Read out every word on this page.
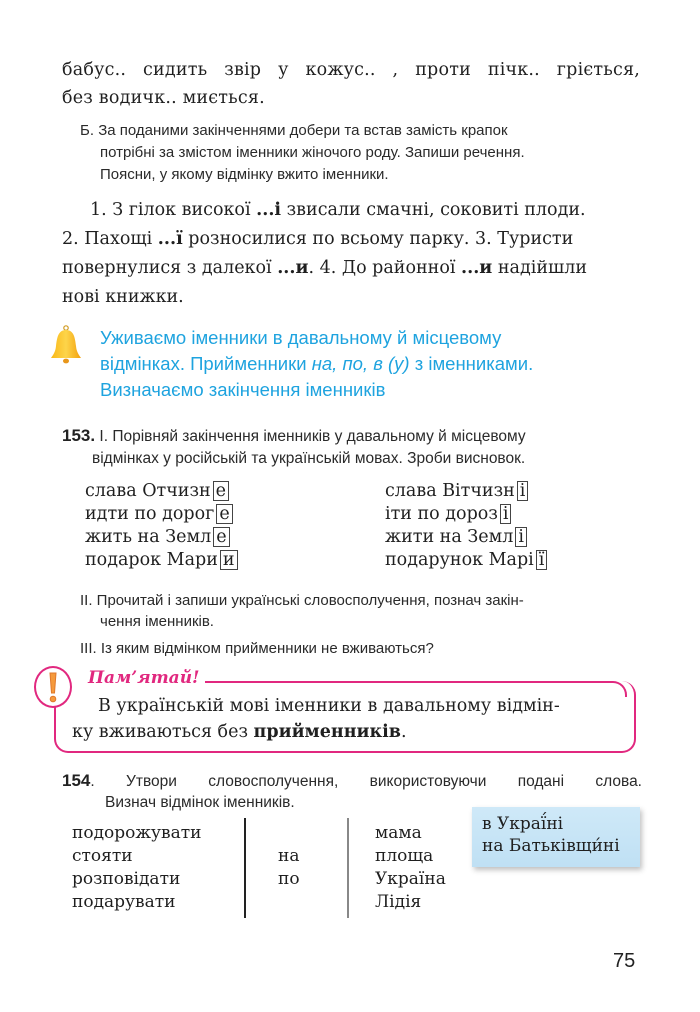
бабус.. сидить звір у кожус.. , проти пічк.. гріється,
без водичк.. миється.
Б. За поданими закінченнями добери та встав замість крапок
потрібні за змістом іменники жіночого роду. Запиши речення.
Поясни, у якому відмінку вжито іменники.
1. З гілок високої ...і звисали смачні, соковиті плоди.
2. Пахощі ...ї розносилися по всьому парку. 3. Туристи
повернулися з далекої ...и. 4. До районної ...и надійшли
нові книжки.
Уживаємо іменники в давальному й місцевому
відмінках. Прийменники на, по, в (у) з іменниками.
Визначаємо закінчення іменників
153. I. Порівняй закінчення іменників у давальному й місцевому
відмінках у російській та українській мовах. Зроби висновок.
слава Отчизн е
идти по дорог е
жить на Земл е
подарок Мари и
слава Вітчизн і
іти по дороз і
жити на Земл і
подарунок Марі ї
II. Прочитай і запиши українські словосполучення, познач закін-
чення іменників.
III. Із яким відмінком прийменники не вживаються?
Пам’ятай!
В українській мові іменники в давальному відмін-
ку вживаються без прийменників.
154. Утвори словосполучення, використовуючи подані слова.
Визнач відмінок іменників.
подорожувати
стояти
розповідати
подарувати
на
по
мама
площа
Україна
Лідія
в Украї́ні
на Батьківщи́ні
75
